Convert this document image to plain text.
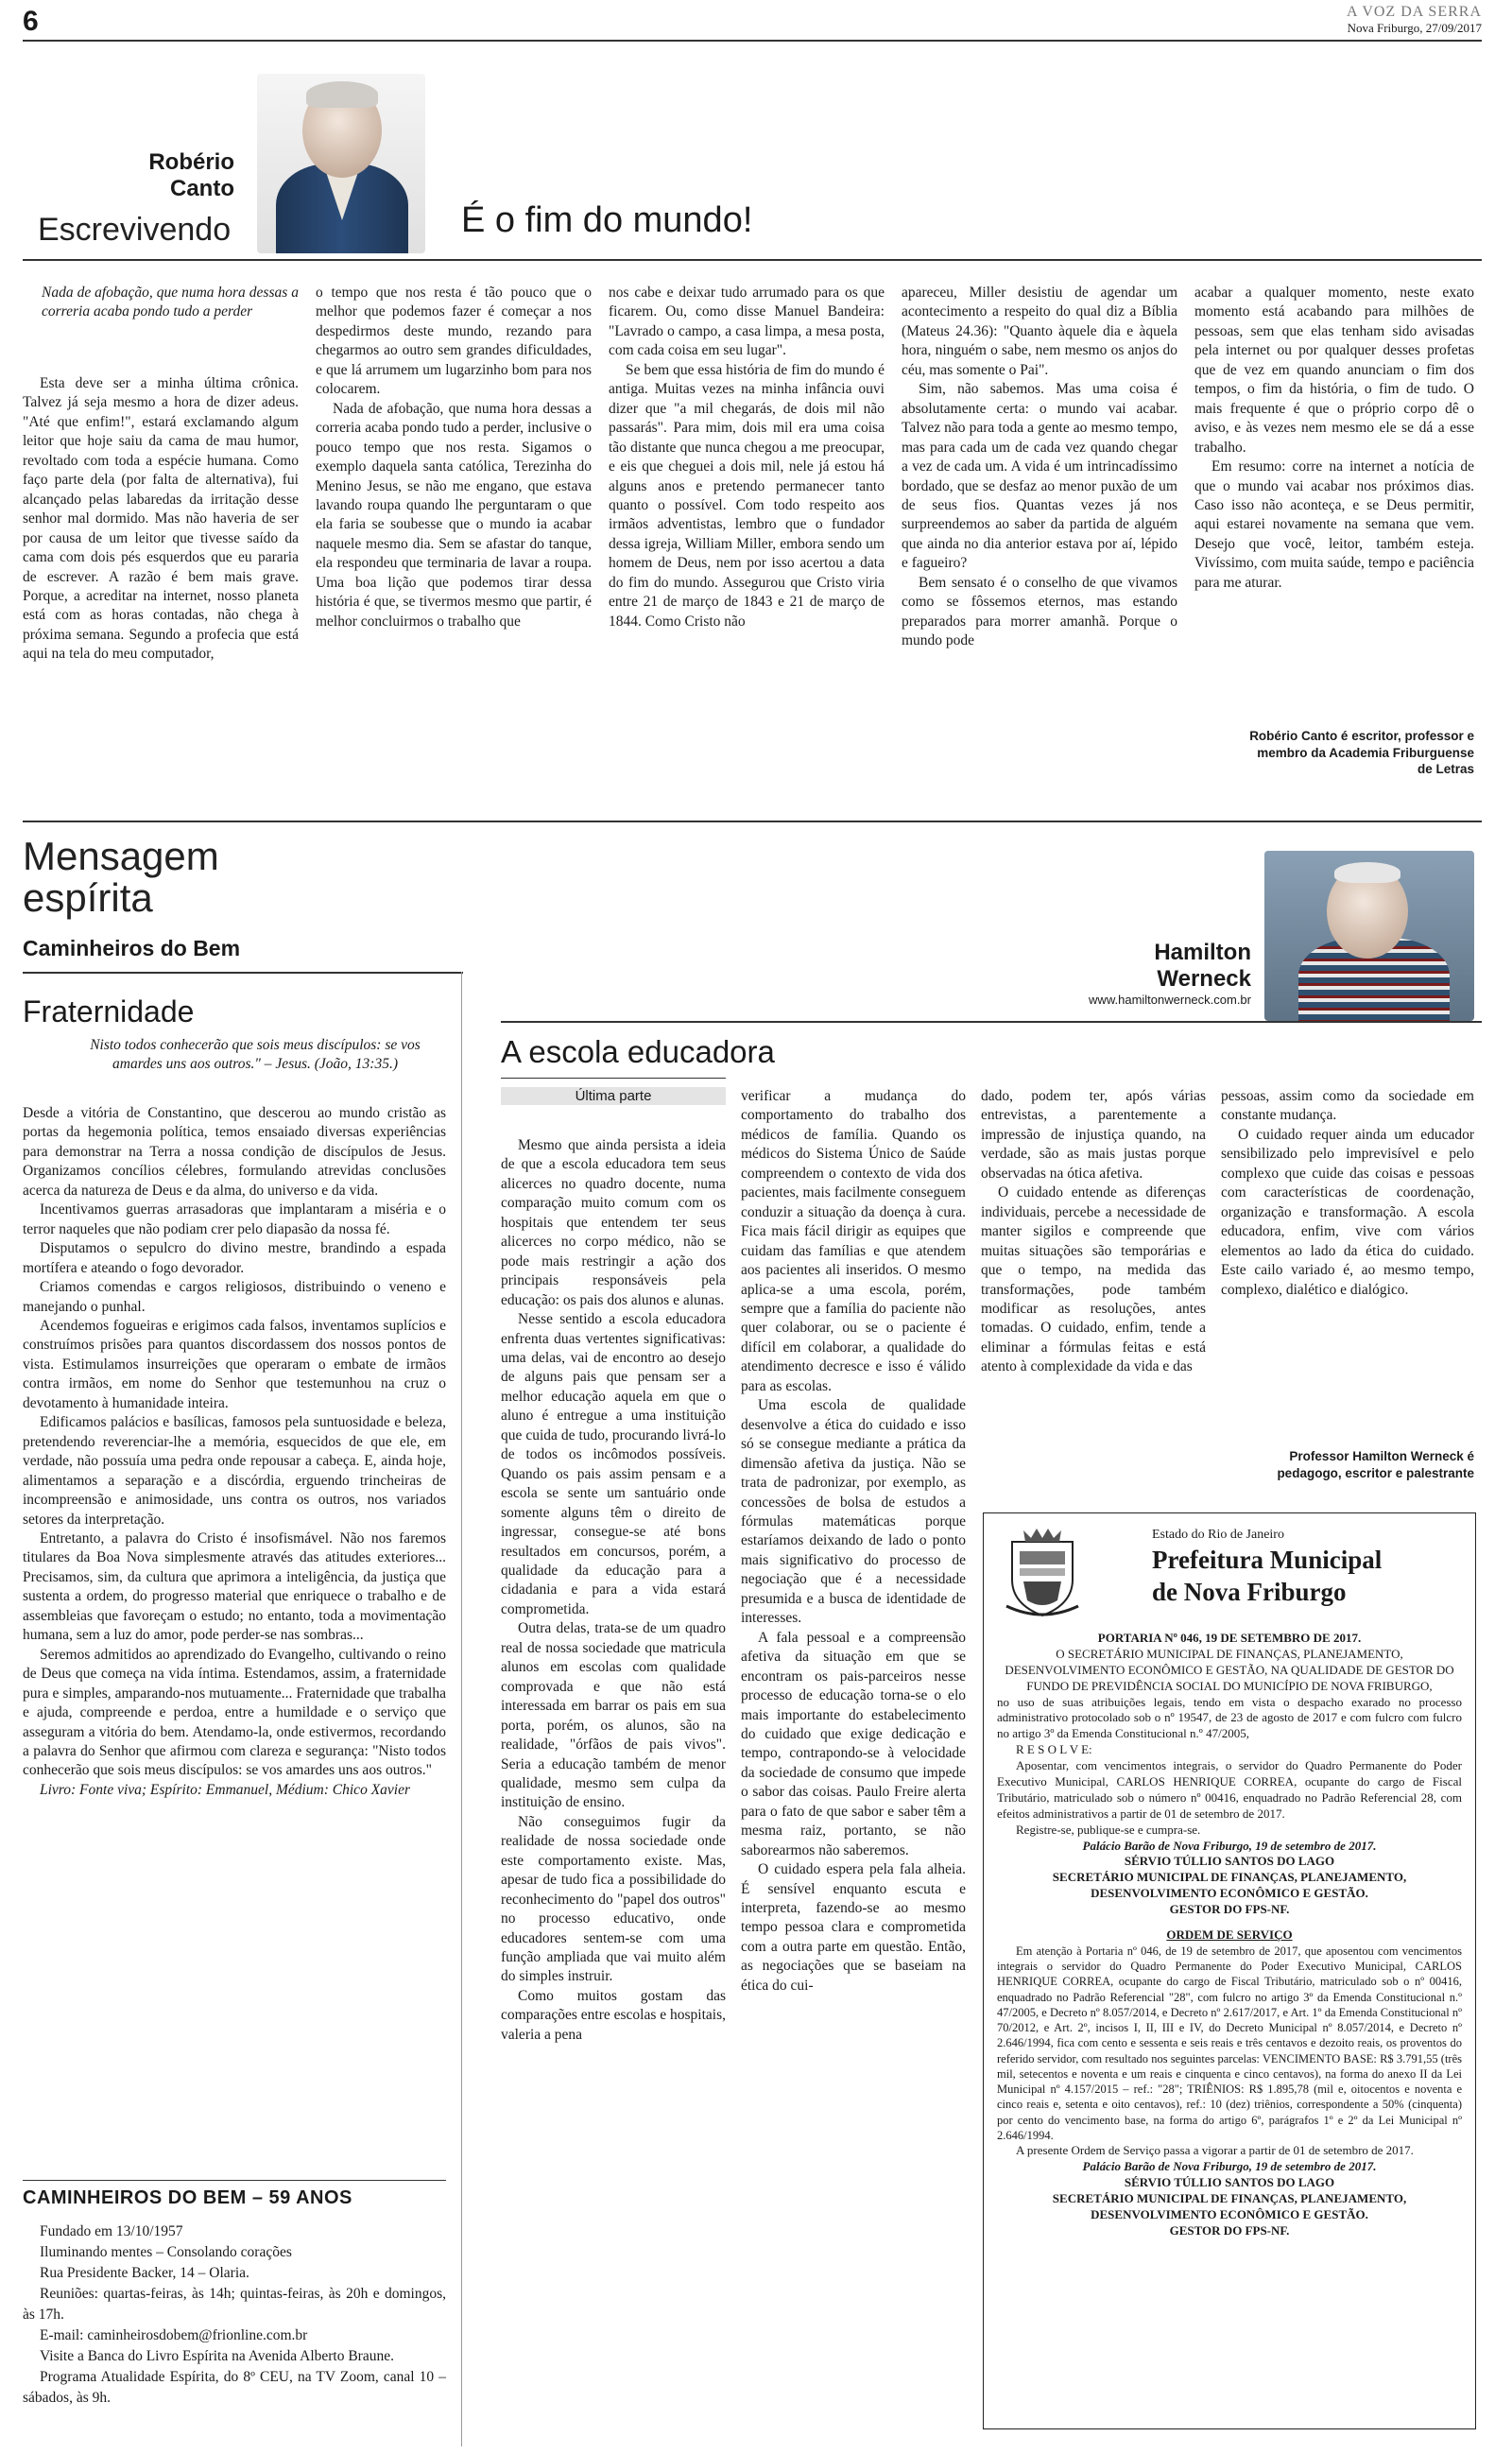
6	A VOZ DA SERRA
Nova Friburgo, 27/09/2017
Robério
Canto
Escrevivendo	É o fim do mundo!

Nada de afobação, que numa hora dessas a correria acaba pondo tudo a perder

Esta deve ser a minha última crônica. Talvez já seja mesmo a hora de dizer adeus. "Até que enfim!", estará exclamando algum leitor que hoje saiu da cama de mau humor, revoltado com toda a espécie humana. Como faço parte dela (por falta de alternativa), fui alcançado pelas labaredas da irritação desse senhor mal dormido. Mas não haveria de ser por causa de um leitor que tivesse saído da cama com dois pés esquerdos que eu pararia de escrever. A razão é bem mais grave. Porque, a acreditar na internet, nosso planeta está com as horas contadas, não chega à próxima semana. Segundo a profecia que está aqui na tela do meu computador,

o tempo que nos resta é tão pouco que o melhor que podemos fazer é começar a nos despedirmos deste mundo, rezando para chegarmos ao outro sem grandes dificuldades, e que lá arrumem um lugarzinho bom para nos colocarem.

Nada de afobação, que numa hora dessas a correria acaba pondo tudo a perder, inclusive o pouco tempo que nos resta. Sigamos o exemplo daquela santa católica, Terezinha do Menino Jesus, se não me engano, que estava lavando roupa quando lhe perguntaram o que ela faria se soubesse que o mundo ia acabar naquele mesmo dia. Sem se afastar do tanque, ela respondeu que terminaria de lavar a roupa. Uma boa lição que podemos tirar dessa história é que, se tivermos mesmo que partir, é melhor concluirmos o trabalho que

nos cabe e deixar tudo arrumado para os que ficarem. Ou, como disse Manuel Bandeira: "Lavrado o campo, a casa limpa, a mesa posta, com cada coisa em seu lugar".

Se bem que essa história de fim do mundo é antiga. Muitas vezes na minha infância ouvi dizer que "a mil chegarás, de dois mil não passarás". Para mim, dois mil era uma coisa tão distante que nunca chegou a me preocupar, e eis que cheguei a dois mil, nele já estou há alguns anos e pretendo permanecer tanto quanto o possível. Com todo respeito aos irmãos adventistas, lembro que o fundador dessa igreja, William Miller, embora sendo um homem de Deus, nem por isso acertou a data do fim do mundo. Assegurou que Cristo viria entre 21 de março de 1843 e 21 de março de 1844. Como Cristo não

apareceu, Miller desistiu de agendar um acontecimento a respeito do qual diz a Bíblia (Mateus 24.36): "Quanto àquele dia e àquela hora, ninguém o sabe, nem mesmo os anjos do céu, mas somente o Pai".

Sim, não sabemos. Mas uma coisa é absolutamente certa: o mundo vai acabar. Talvez não para toda a gente ao mesmo tempo, mas para cada um de cada vez quando chegar a vez de cada um. A vida é um intrincadíssimo bordado, que se desfaz ao menor puxão de um de seus fios. Quantas vezes já nos surpreendemos ao saber da partida de alguém que ainda no dia anterior estava por aí, lépido e fagueiro?

Bem sensato é o conselho de que vivamos como se fôssemos eternos, mas estando preparados para morrer amanhã. Porque o mundo pode

acabar a qualquer momento, neste exato momento está acabando para milhões de pessoas, sem que elas tenham sido avisadas pela internet ou por qualquer desses profetas que de vez em quando anunciam o fim dos tempos, o fim da história, o fim de tudo. O mais frequente é que o próprio corpo dê o aviso, e às vezes nem mesmo ele se dá a esse trabalho.

Em resumo: corre na internet a notícia de que o mundo vai acabar nos próximos dias. Caso isso não aconteça, e se Deus permitir, aqui estarei novamente na semana que vem. Desejo que você, leitor, também esteja. Vivíssimo, com muita saúde, tempo e paciência para me aturar.

Robério Canto é escritor, professor e membro da Academia Friburguense de Letras
Mensagem
espírita
Caminheiros do Bem
Fraternidade
Nisto todos conhecerão que sois meus discípulos: se vos amardes uns aos outros." – Jesus. (João, 13:35.)

Desde a vitória de Constantino, que descerou ao mundo cristão as portas da hegemonia política, temos ensaiado diversas experiências para demonstrar na Terra a nossa condição de discípulos de Jesus. Organizamos concílios célebres, formulando atrevidas conclusões acerca da natureza de Deus e da alma, do universo e da vida.

Incentivamos guerras arrasadoras que implantaram a miséria e o terror naqueles que não podiam crer pelo diapasão da nossa fé.

Disputamos o sepulcro do divino mestre, brandindo a espada mortífera e ateando o fogo devorador.

Criamos comendas e cargos religiosos, distribuindo o veneno e manejando o punhal.

Acendemos fogueiras e erigimos cada falsos, inventamos suplícios e construímos prisões para quantos discordassem dos nossos pontos de vista. Estimulamos insurreições que operaram o embate de irmãos contra irmãos, em nome do Senhor que testemunhou na cruz o devotamento à humanidade inteira.

Edificamos palácios e basílicas, famosos pela suntuosidade e beleza, pretendendo reverenciar-lhe a memória, esquecidos de que ele, em verdade, não possuía uma pedra onde repousar a cabeça. E, ainda hoje, alimentamos a separação e a discórdia, erguendo trincheiras de incompreensão e animosidade, uns contra os outros, nos variados setores da interpretação.

Entretanto, a palavra do Cristo é insofismável. Não nos faremos titulares da Boa Nova simplesmente através das atitudes exteriores... Precisamos, sim, da cultura que aprimora a inteligência, da justiça que sustenta a ordem, do progresso material que enriquece o trabalho e de assembleias que favoreçam o estudo; no entanto, toda a movimentação humana, sem a luz do amor, pode perder-se nas sombras...

Seremos admitidos ao aprendizado do Evangelho, cultivando o reino de Deus que começa na vida íntima. Estendamos, assim, a fraternidade pura e simples, amparando-nos mutuamente... Fraternidade que trabalha e ajuda, compreende e perdoa, entre a humildade e o serviço que asseguram a vitória do bem. Atendamo-la, onde estivermos, recordando a palavra do Senhor que afirmou com clareza e segurança: "Nisto todos conhecerão que sois meus discípulos: se vos amardes uns aos outros."

Livro: Fonte viva; Espírito: Emmanuel, Médium: Chico Xavier

CAMINHEIROS DO BEM – 59 ANOS

Fundado em 13/10/1957

Iluminando mentes – Consolando corações

Rua Presidente Backer, 14 – Olaria.

Reuniões: quartas-feiras, às 14h; quintas-feiras, às 20h e domingos, às 17h.

E-mail: caminheirosdobem@frionline.com.br

Visite a Banca do Livro Espírita na Avenida Alberto Braune.

Programa Atualidade Espírita, do 8º CEU, na TV Zoom, canal 10 – sábados, às 9h.

Hamilton
Werneck
www.hamiltonwerneck.com.br
A escola educadora
Última parte

Mesmo que ainda persista a ideia de que a escola educadora tem seus alicerces no quadro docente, numa comparação muito comum com os hospitais que entendem ter seus alicerces no corpo médico, não se pode mais restringir a ação dos principais responsáveis pela educação: os pais dos alunos e alunas.

Nesse sentido a escola educadora enfrenta duas vertentes significativas: uma delas, vai de encontro ao desejo de alguns pais que pensam ser a melhor educação aquela em que o aluno é entregue a uma instituição que cuida de tudo, procurando livrá-lo de todos os incômodos possíveis. Quando os pais assim pensam e a escola se sente um santuário onde somente alguns têm o direito de ingressar, consegue-se até bons resultados em concursos, porém, a qualidade da educação para a cidadania e para a vida estará comprometida.

Outra delas, trata-se de um quadro real de nossa sociedade que matricula alunos em escolas com qualidade comprovada e que não está interessada em barrar os pais em sua porta, porém, os alunos, são na realidade, "órfãos de pais vivos". Seria a educação também de menor qualidade, mesmo sem culpa da instituição de ensino.

Não conseguimos fugir da realidade de nossa sociedade onde este comportamento existe. Mas, apesar de tudo fica a possibilidade do reconhecimento do "papel dos outros" no processo educativo, onde educadores sentem-se com uma função ampliada que vai muito além do simples instruir.

Como muitos gostam das comparações entre escolas e hospitais, valeria a pena

verificar a mudança do comportamento do trabalho dos médicos de família. Quando os médicos do Sistema Único de Saúde compreendem o contexto de vida dos pacientes, mais facilmente conseguem conduzir a situação da doença à cura. Fica mais fácil dirigir as equipes que cuidam das famílias e que atendem aos pacientes ali inseridos. O mesmo aplica-se a uma escola, porém, sempre que a família do paciente não quer colaborar, ou se o paciente é difícil em colaborar, a qualidade do atendimento decresce e isso é válido para as escolas.

Uma escola de qualidade desenvolve a ética do cuidado e isso só se consegue mediante a prática da dimensão afetiva da justiça. Não se trata de padronizar, por exemplo, as concessões de bolsa de estudos a fórmulas matemáticas porque estaríamos deixando de lado o ponto mais significativo do processo de negociação que é a necessidade presumida e a busca de identidade de interesses.

A fala pessoal e a compreensão afetiva da situação em que se encontram os pais-parceiros nesse processo de educação torna-se o elo mais importante do estabelecimento do cuidado que exige dedicação e tempo, contrapondo-se à velocidade da sociedade de consumo que impede o sabor das coisas. Paulo Freire alerta para o fato de que sabor e saber têm a mesma raiz, portanto, se não saborearmos não saberemos.

O cuidado espera pela fala alheia. É sensível enquanto escuta e interpreta, fazendo-se ao mesmo tempo pessoa clara e comprometida com a outra parte em questão. Então, as negociações que se baseiam na ética do cui-

dado, podem ter, após várias entrevistas, a parentemente a impressão de injustiça quando, na verdade, são as mais justas porque observadas na ótica afetiva.

O cuidado entende as diferenças individuais, percebe a necessidade de manter sigilos e compreende que muitas situações são temporárias e que o tempo, na medida das transformações, pode também modificar as resoluções, antes tomadas. O cuidado, enfim, tende a eliminar a fórmulas feitas e está atento à complexidade da vida e das

pessoas, assim como da sociedade em constante mudança.

O cuidado requer ainda um educador sensibilizado pelo imprevisível e pelo complexo que cuide das coisas e pessoas com características de coordenação, organização e transformação. A escola educadora, enfim, vive com vários elementos ao lado da ética do cuidado. Este cailo variado é, ao mesmo tempo, complexo, dialético e dialógico.

Professor Hamilton Werneck é pedagogo, escritor e palestrante
Estado do Rio de Janeiro
Prefeitura Municipal
de Nova Friburgo

PORTARIA Nº 046, 19 DE SETEMBRO DE 2017.

O SECRETÁRIO MUNICIPAL DE FINANÇAS, PLANEJAMENTO, DESENVOLVIMENTO ECONÔMICO E GESTÃO, NA QUALIDADE DE GESTOR DO FUNDO DE PREVIDÊNCIA SOCIAL DO MUNICÍPIO DE NOVA FRIBURGO,

no uso de suas atribuições legais, tendo em vista o despacho exarado no processo administrativo protocolado sob o nº 19547, de 23 de agosto de 2017 e com fulcro com fulcro no artigo 3º da Emenda Constitucional n.º 47/2005,

R E S O L V E:

Aposentar, com vencimentos integrais, o servidor do Quadro Permanente do Poder Executivo Municipal, CARLOS HENRIQUE CORREA, ocupante do cargo de Fiscal Tributário, matriculado sob o número nº 00416, enquadrado no Padrão Referencial 28, com efeitos administrativos a partir de 01 de setembro de 2017.

Registre-se, publique-se e cumpra-se.

Palácio Barão de Nova Friburgo, 19 de setembro de 2017.

SÉRVIO TÚLLIO SANTOS DO LAGO

SECRETÁRIO MUNICIPAL DE FINANÇAS, PLANEJAMENTO,

DESENVOLVIMENTO ECONÔMICO E GESTÃO.

GESTOR DO FPS-NF.

ORDEM DE SERVIÇO

Em atenção à Portaria nº 046, de 19 de setembro de 2017, que aposentou com vencimentos integrais o servidor do Quadro Permanente do Poder Executivo Municipal, CARLOS HENRIQUE CORREA, ocupante do cargo de Fiscal Tributário, matriculado sob o nº 00416, enquadrado no Padrão Referencial "28", com fulcro no artigo 3º da Emenda Constitucional n.º 47/2005, e Decreto nº 8.057/2014, e Decreto nº 2.617/2017, e Art. 1º da Emenda Constitucional nº 70/2012, e Art. 2º, incisos I, II, III e IV, do Decreto Municipal nº 8.057/2014, e Decreto nº 2.646/1994, fica com cento e sessenta e seis reais e três centavos e dezoito reais, os proventos do referido servidor, com resultado nos seguintes parcelas: VENCIMENTO BASE: R$ 3.791,55 (três mil, setecentos e noventa e um reais e cinquenta e cinco centavos), na forma do anexo II da Lei Municipal nº 4.157/2015 – ref.: "28"; TRIÊNIOS: R$ 1.895,78 (mil e, oitocentos e noventa e cinco reais e, setenta e oito centavos), ref.: 10 (dez) triênios, correspondente a 50% (cinquenta) por cento do vencimento base, na forma do artigo 6º, parágrafos 1º e 2º da Lei Municipal nº 2.646/1994.

A presente Ordem de Serviço passa a vigorar a partir de 01 de setembro de 2017.

Palácio Barão de Nova Friburgo, 19 de setembro de 2017.

SÉRVIO TÚLLIO SANTOS DO LAGO

SECRETÁRIO MUNICIPAL DE FINANÇAS, PLANEJAMENTO,

DESENVOLVIMENTO ECONÔMICO E GESTÃO.

GESTOR DO FPS-NF.
